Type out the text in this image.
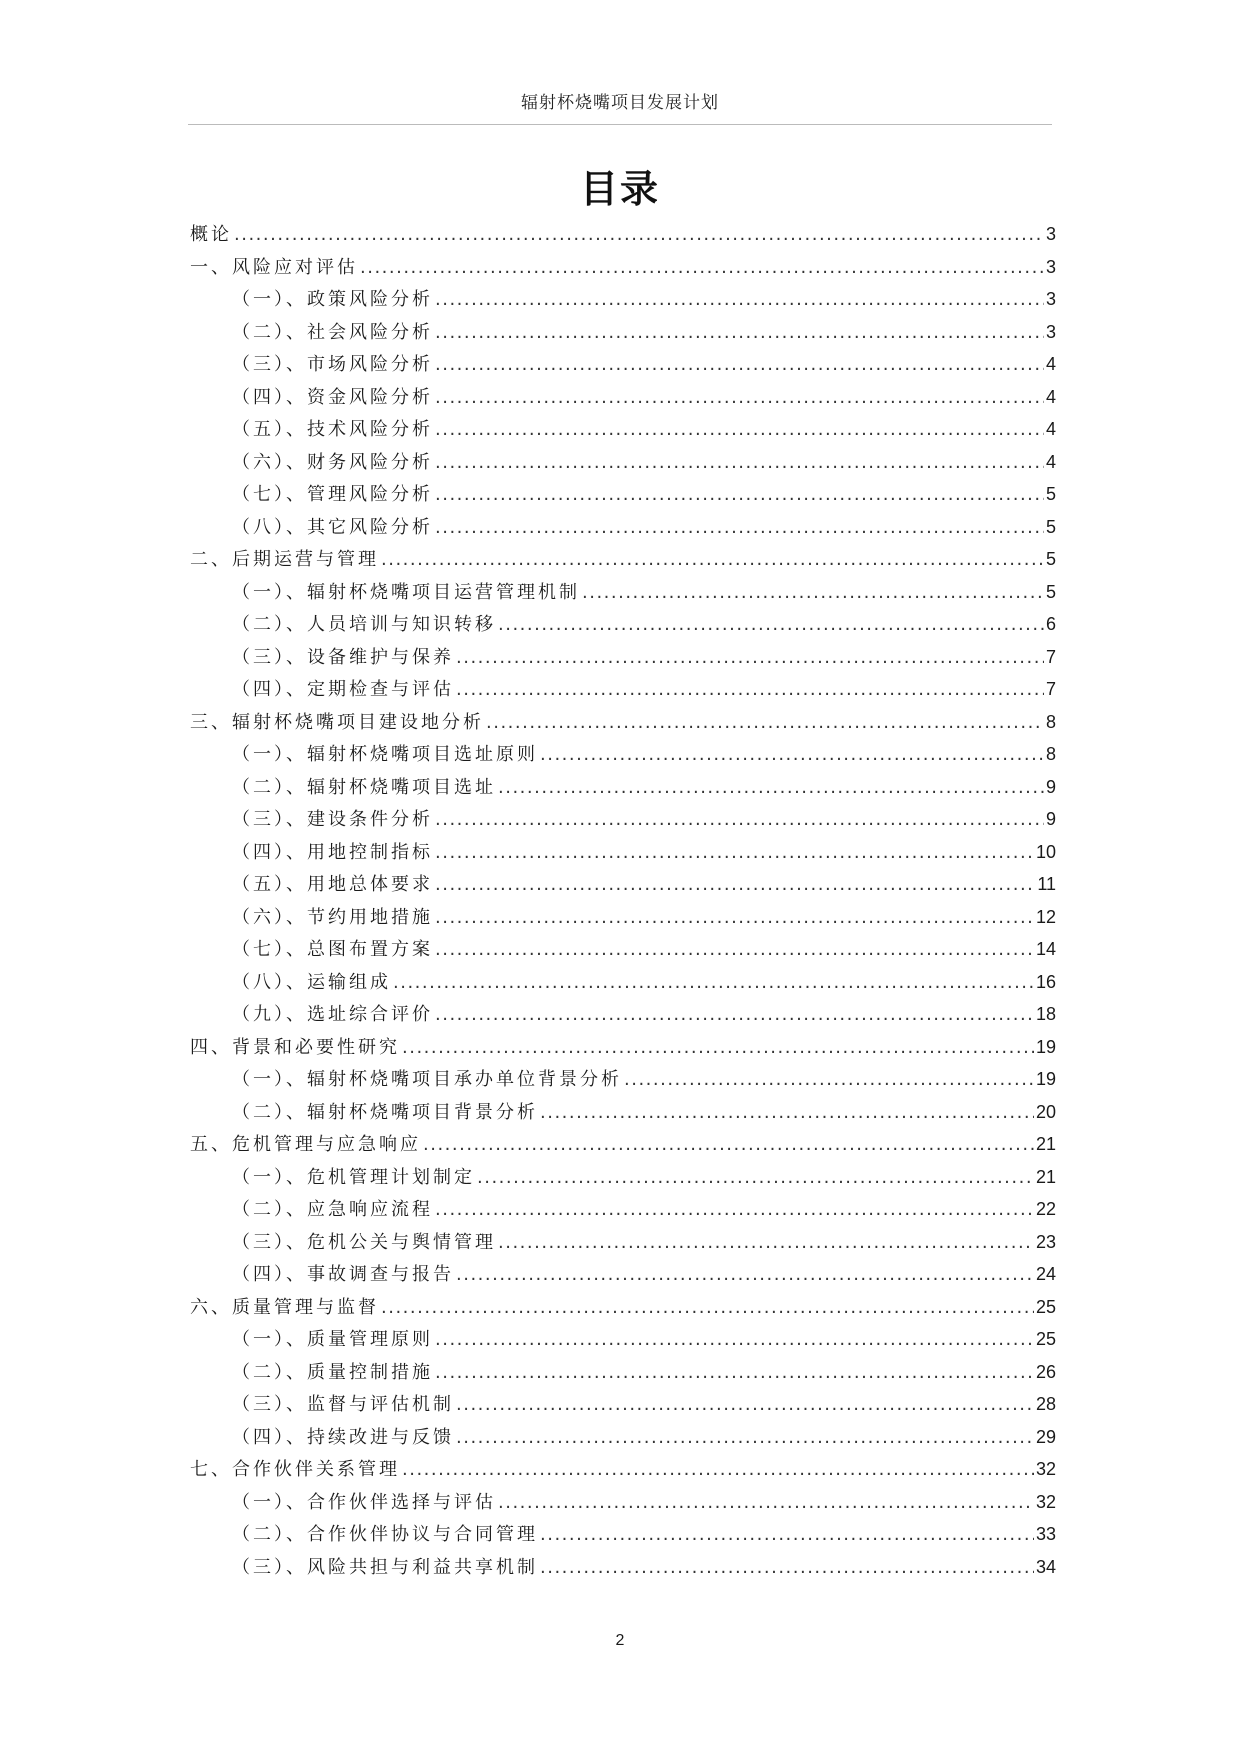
辐射杯烧嘴项目发展计划
目录
概论 .....	3
一、风险应对评估 .....	3
（一）、政策风险分析 .....	3
（二）、社会风险分析 .....	3
（三）、市场风险分析 .....	4
（四）、资金风险分析 .....	4
（五）、技术风险分析 .....	4
（六）、财务风险分析 .....	4
（七）、管理风险分析 .....	5
（八）、其它风险分析 .....	5
二、后期运营与管理 .....	5
（一）、辐射杯烧嘴项目运营管理机制 .....	5
（二）、人员培训与知识转移 .....	6
（三）、设备维护与保养 .....	7
（四）、定期检查与评估 .....	7
三、辐射杯烧嘴项目建设地分析 .....	8
（一）、辐射杯烧嘴项目选址原则 .....	8
（二）、辐射杯烧嘴项目选址 .....	9
（三）、建设条件分析 .....	9
（四）、用地控制指标 .....	10
（五）、用地总体要求 .....	11
（六）、节约用地措施 .....	12
（七）、总图布置方案 .....	14
（八）、运输组成 .....	16
（九）、选址综合评价 .....	18
四、背景和必要性研究 .....	19
（一）、辐射杯烧嘴项目承办单位背景分析 .....	19
（二）、辐射杯烧嘴项目背景分析 .....	20
五、危机管理与应急响应 .....	21
（一）、危机管理计划制定 .....	21
（二）、应急响应流程 .....	22
（三）、危机公关与舆情管理 .....	23
（四）、事故调查与报告 .....	24
六、质量管理与监督 .....	25
（一）、质量管理原则 .....	25
（二）、质量控制措施 .....	26
（三）、监督与评估机制 .....	28
（四）、持续改进与反馈 .....	29
七、合作伙伴关系管理 .....	32
（一）、合作伙伴选择与评估 .....	32
（二）、合作伙伴协议与合同管理 .....	33
（三）、风险共担与利益共享机制 .....	34
2
